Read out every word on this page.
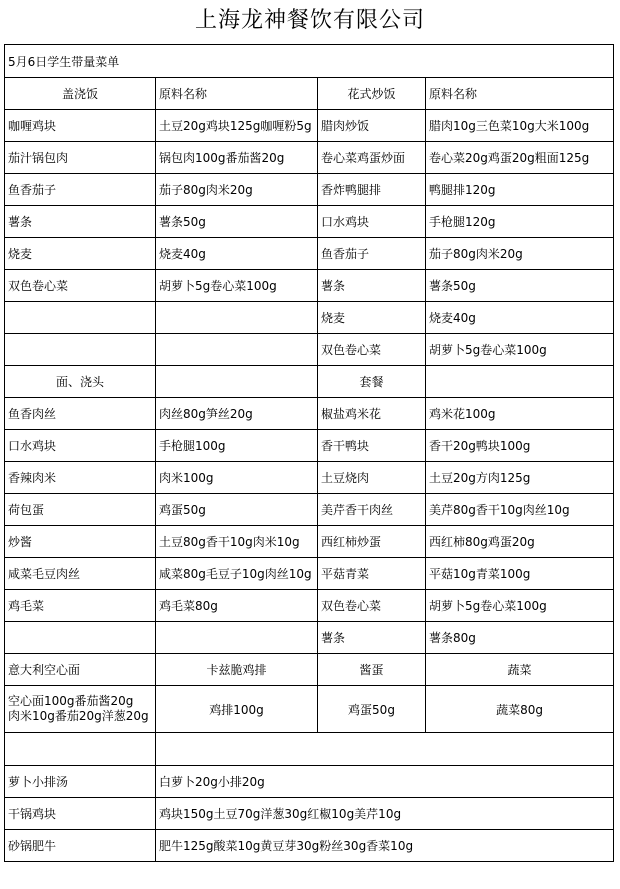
上海龙神餐饮有限公司
5月6日学生带量菜单			
盖浇饭	原料名称	花式炒饭	原料名称
咖喱鸡块	土豆20g鸡块125g咖喱粉5g	腊肉炒饭	腊肉10g三色菜10g大米100g
茄汁锅包肉	锅包肉100g番茄酱20g	卷心菜鸡蛋炒面	卷心菜20g鸡蛋20g粗面125g
鱼香茄子	茄子80g肉米20g	香炸鸭腿排	鸭腿排120g
薯条	薯条50g	口水鸡块	手枪腿120g
烧麦	烧麦40g	鱼香茄子	茄子80g肉米20g
双色卷心菜	胡萝卜5g卷心菜100g	薯条	薯条50g
		烧麦	烧麦40g
		双色卷心菜	胡萝卜5g卷心菜100g
面、浇头		套餐	
鱼香肉丝	肉丝80g笋丝20g	椒盐鸡米花	鸡米花100g
口水鸡块	手枪腿100g	香干鸭块	香干20g鸭块100g
香辣肉米	肉米100g	土豆烧肉	土豆20g方肉125g
荷包蛋	鸡蛋50g	美芹香干肉丝	美芹80g香干10g肉丝10g
炒酱	土豆80g香干10g肉米10g	西红柿炒蛋	西红柿80g鸡蛋20g
咸菜毛豆肉丝	咸菜80g毛豆子10g肉丝10g	平菇青菜	平菇10g青菜100g
鸡毛菜	鸡毛菜80g	双色卷心菜	胡萝卜5g卷心菜100g
		薯条	薯条80g
意大利空心面	卡兹脆鸡排	酱蛋	蔬菜

空心面100g番茄酱20g
肉米10g番茄20g洋葱20g	鸡排100g	鸡蛋50g	蔬菜80g

萝卜小排汤	白萝卜20g小排20g		
干锅鸡块	鸡块150g土豆70g洋葱30g红椒10g美芹10g		
砂锅肥牛	肥牛125g酸菜10g黄豆芽30g粉丝30g香菜10g		
